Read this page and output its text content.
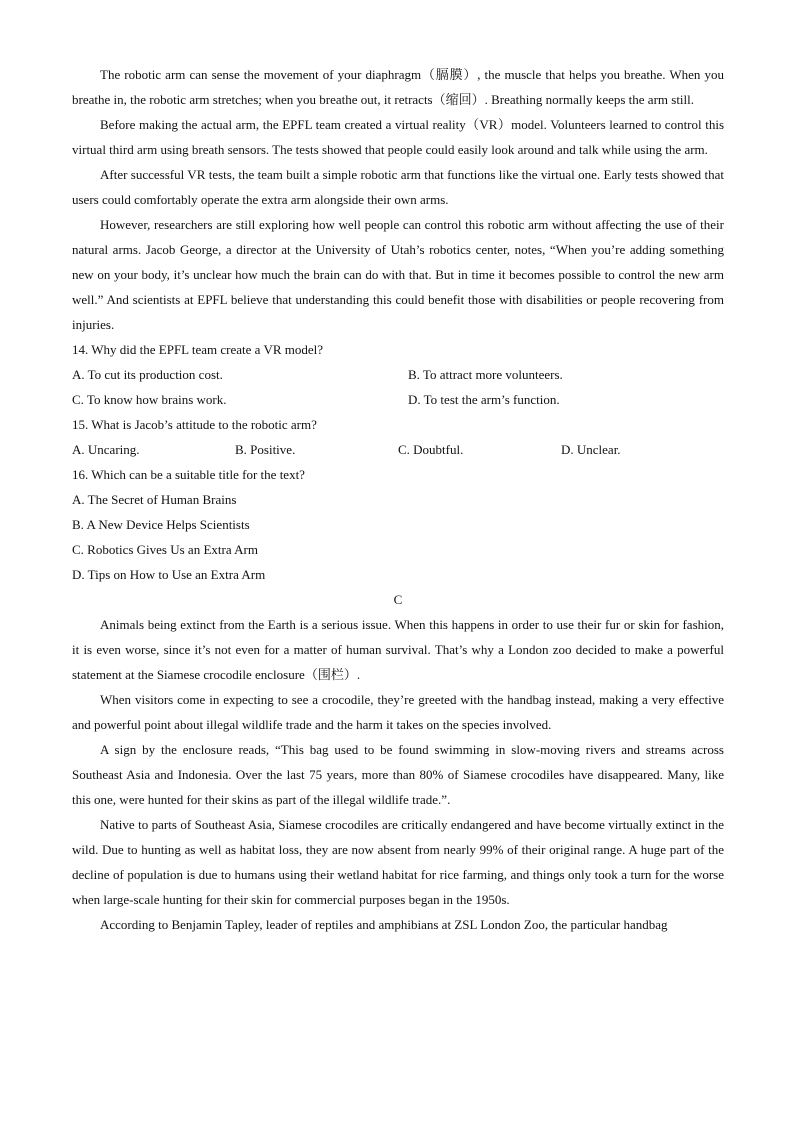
The robotic arm can sense the movement of your diaphragm（膈膜）, the muscle that helps you breathe. When you breathe in, the robotic arm stretches; when you breathe out, it retracts（缩回）. Breathing normally keeps the arm still.

Before making the actual arm, the EPFL team created a virtual reality（VR）model. Volunteers learned to control this virtual third arm using breath sensors. The tests showed that people could easily look around and talk while using the arm.

After successful VR tests, the team built a simple robotic arm that functions like the virtual one. Early tests showed that users could comfortably operate the extra arm alongside their own arms.

However, researchers are still exploring how well people can control this robotic arm without affecting the use of their natural arms. Jacob George, a director at the University of Utah’s robotics center, notes, “When you’re adding something new on your body, it’s unclear how much the brain can do with that. But in time it becomes possible to control the new arm well.” And scientists at EPFL believe that understanding this could benefit those with disabilities or people recovering from injuries.

14. Why did the EPFL team create a VR model?

A. To cut its production cost.	B. To attract more volunteers.
C. To know how brains work.	D. To test the arm’s function.

15. What is Jacob’s attitude to the robotic arm?

A. Uncaring.	B. Positive.	C. Doubtful.	D. Unclear.

16. Which can be a suitable title for the text?

A. The Secret of Human Brains

B. A New Device Helps Scientists

C. Robotics Gives Us an Extra Arm

D. Tips on How to Use an Extra Arm

C

Animals being extinct from the Earth is a serious issue. When this happens in order to use their fur or skin for fashion, it is even worse, since it’s not even for a matter of human survival. That’s why a London zoo decided to make a powerful statement at the Siamese crocodile enclosure（围栏）.

When visitors come in expecting to see a crocodile, they’re greeted with the handbag instead, making a very effective and powerful point about illegal wildlife trade and the harm it takes on the species involved.

A sign by the enclosure reads, “This bag used to be found swimming in slow-moving rivers and streams across Southeast Asia and Indonesia. Over the last 75 years, more than 80% of Siamese crocodiles have disappeared. Many, like this one, were hunted for their skins as part of the illegal wildlife trade.”.

Native to parts of Southeast Asia, Siamese crocodiles are critically endangered and have become virtually extinct in the wild. Due to hunting as well as habitat loss, they are now absent from nearly 99% of their original range. A huge part of the decline of population is due to humans using their wetland habitat for rice farming, and things only took a turn for the worse when large-scale hunting for their skin for commercial purposes began in the 1950s.

According to Benjamin Tapley, leader of reptiles and amphibians at ZSL London Zoo, the particular handbag
